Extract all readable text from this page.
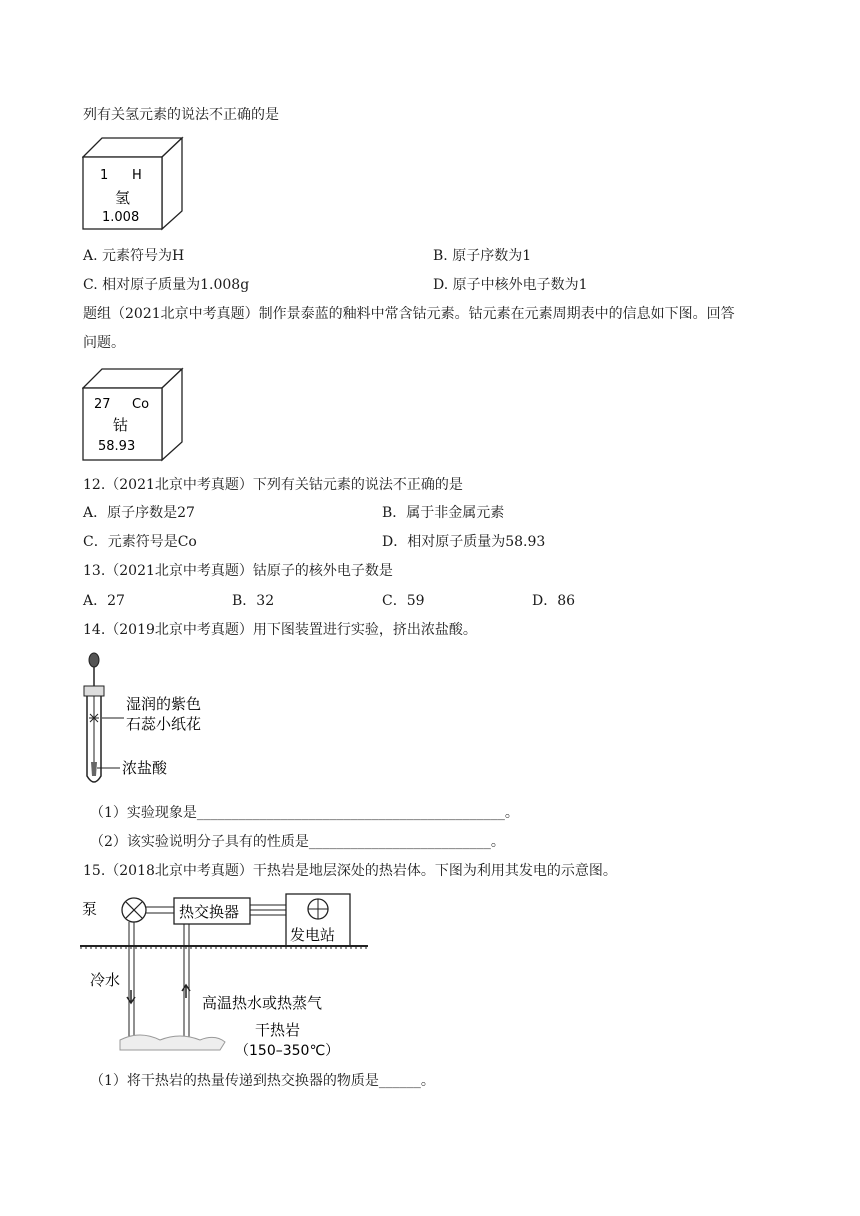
列有关氢元素的说法不正确的是
1 H
氢
1.008
A. 元素符号为H	B. 原子序数为1
C. 相对原子质量为1.008g	D. 原子中核外电子数为1
题组（2021北京中考真题）制作景泰蓝的釉料中常含钴元素。钴元素在元素周期表中的信息如下图。回答
问题。
27 Co
钴
58.93
12.（2021北京中考真题）下列有关钴元素的说法不正确的是
A．原子序数是27	B．属于非金属元素
C．元素符号是Co	D．相对原子质量为58.93
13.（2021北京中考真题）钴原子的核外电子数是
A．27	B．32	C．59	D．86
14.（2019北京中考真题）用下图装置进行实验，挤出浓盐酸。
湿润的紫色
石蕊小纸花
浓盐酸
（1）实验现象是____________________________________________。
（2）该实验说明分子具有的性质是__________________________。
15.（2018北京中考真题）干热岩是地层深处的热岩体。下图为利用其发电的示意图。
泵	热交换器
发电站
冷水
高温热水或热蒸气
干热岩
（150–350℃）
（1）将干热岩的热量传递到热交换器的物质是______。
